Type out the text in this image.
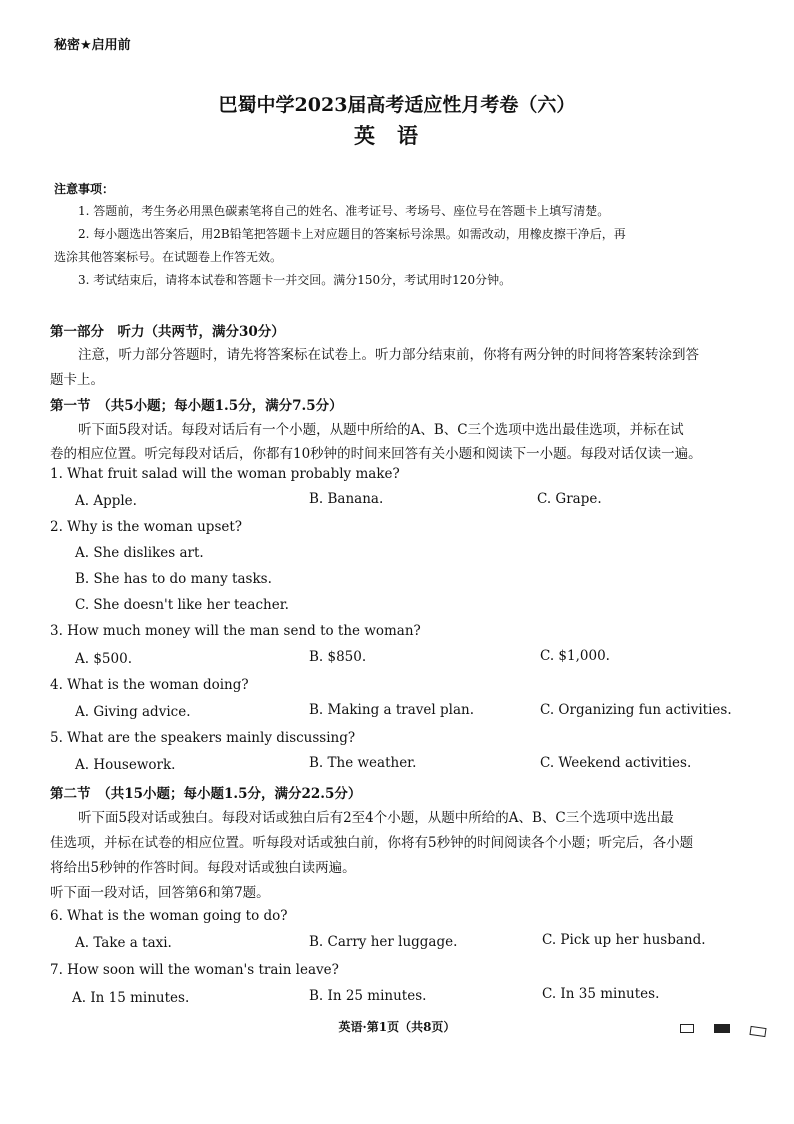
秘密★启用前
巴蜀中学2023届高考适应性月考卷（六）
英语
注意事项：
1. 答题前，考生务必用黑色碳素笔将自己的姓名、准考证号、考场号、座位号在答题卡上填写清楚。
2. 每小题选出答案后，用2B铅笔把答题卡上对应题目的答案标号涂黑。如需改动，用橡皮擦干净后，再
选涂其他答案标号。在试题卷上作答无效。
3. 考试结束后，请将本试卷和答题卡一并交回。满分150分，考试用时120分钟。
第一部分　听力（共两节，满分30分）
注意，听力部分答题时，请先将答案标在试卷上。听力部分结束前，你将有两分钟的时间将答案转涂到答
题卡上。
第一节　（共5小题；每小题1.5分，满分7.5分）
听下面5段对话。每段对话后有一个小题，从题中所给的A、B、C三个选项中选出最佳选项，并标在试
卷的相应位置。听完每段对话后，你都有10秒钟的时间来回答有关小题和阅读下一小题。每段对话仅读一遍。
1. What fruit salad will the woman probably make?
A. Apple.	B. Banana.	C. Grape.
2. Why is the woman upset?
A. She dislikes art.
B. She has to do many tasks.
C. She doesn't like her teacher.
3. How much money will the man send to the woman?
A. $500.	B. $850.	C. $1,000.
4. What is the woman doing?
A. Giving advice.	B. Making a travel plan.	C. Organizing fun activities.
5. What are the speakers mainly discussing?
A. Housework.	B. The weather.	C. Weekend activities.
第二节　（共15小题；每小题1.5分，满分22.5分）
听下面5段对话或独白。每段对话或独白后有2至4个小题，从题中所给的A、B、C三个选项中选出最
佳选项，并标在试卷的相应位置。听每段对话或独白前，你将有5秒钟的时间阅读各个小题；听完后，各小题
将给出5秒钟的作答时间。每段对话或独白读两遍。
听下面一段对话，回答第6和第7题。
6. What is the woman going to do?
A. Take a taxi.	B. Carry her luggage.	C. Pick up her husband.
7. How soon will the woman's train leave?
A. In 15 minutes.	B. In 25 minutes.	C. In 35 minutes.
英语·第1页（共8页）
